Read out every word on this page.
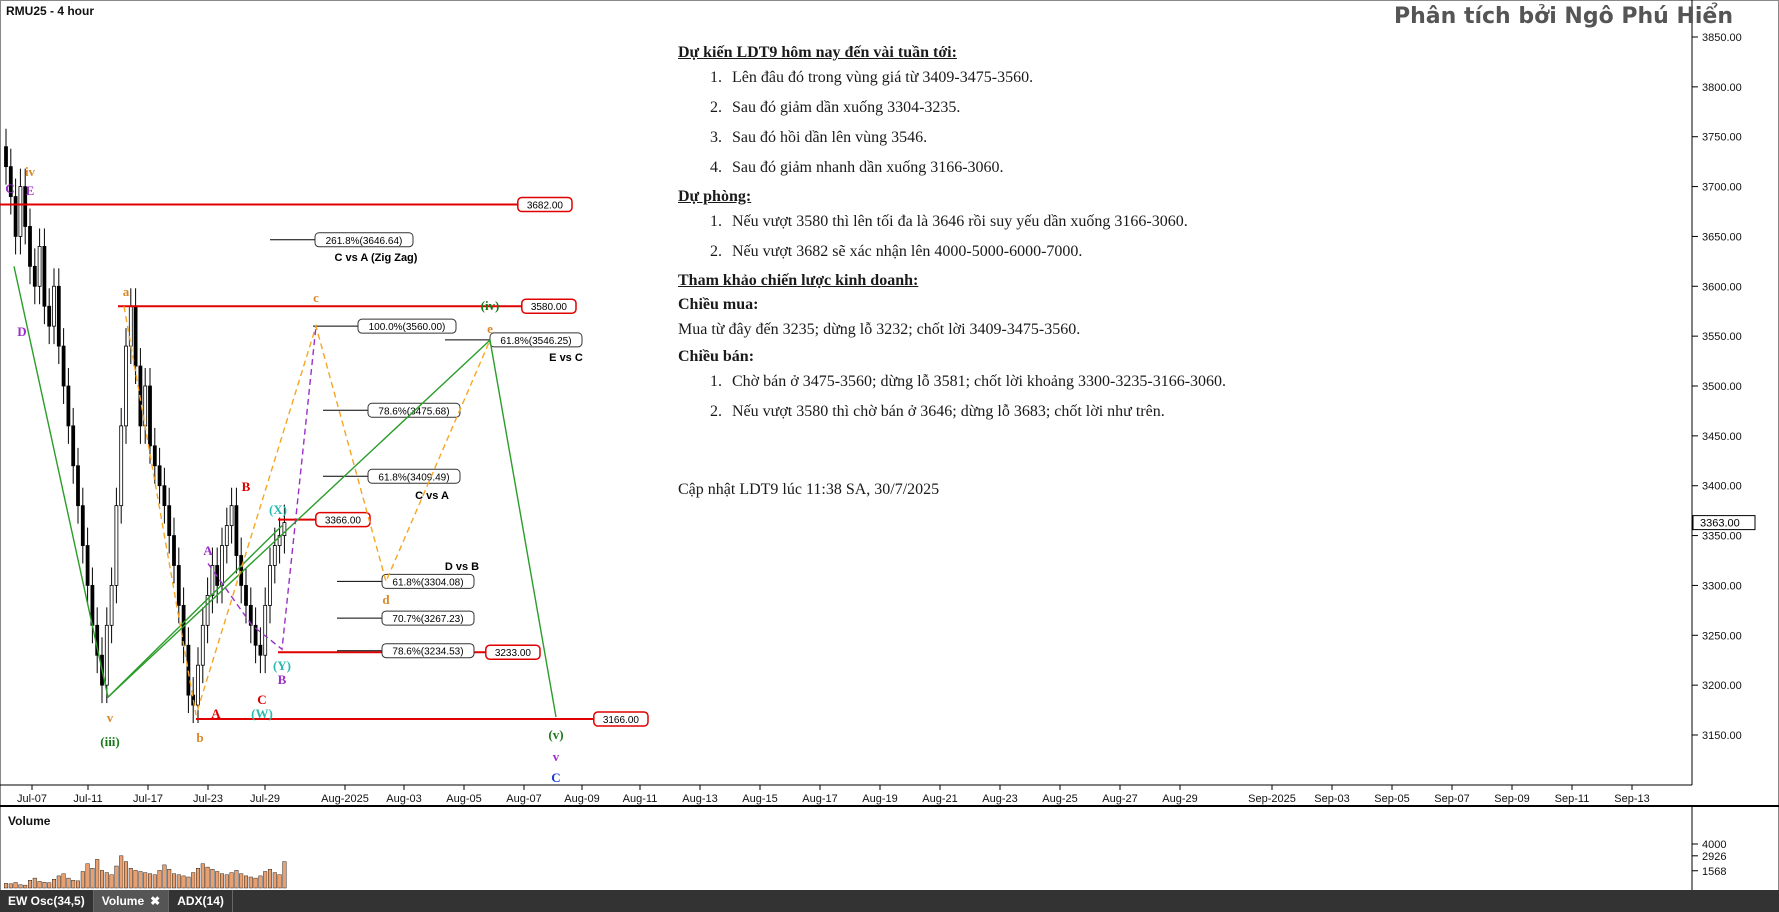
3150.00
3200.00
3250.00
3300.00
3350.00
3400.00
3450.00
3500.00
3550.00
3600.00
3650.00
3700.00
3750.00
3800.00
3850.00
3363.00
Jul-07 Jul-11	Jul-17	Jul-23 Jul-29	Aug-2025 Aug-03 Aug-05 Aug-07 Aug-09 Aug-11 Aug-13 Aug-15 Aug-17 Aug-19 Aug-21 Aug-23 Aug-25 Aug-27 Aug-29	Sep-2025 Sep-03 Sep-05 Sep-07 Sep-09 Sep-11 Sep-13
3682.00
3580.00
3366.00
3233.00
3166.00
261.8%(3646.64)
100.0%(3560.00)
78.6%(3475.68)
61.8%(3409.49)
61.8%(3546.25)
61.8%(3304.08)
70.7%(3267.23)
78.6%(3234.53)
C vs A (Zig Zag)
C vs A
D vs B
E vs C
iv
v
(iii)
a
b
c
d
e
(iv)
(v)
v
C
A
B
C
A
B
C
D
E
(X)
(Y)
(W)
4000
2926
1568
RMU25 - 4 hour	Phân tích bởi Ngô Phú Hiển
Dự kiến LDT9 hôm nay đến vài tuần tới:
1. Lên đâu đó trong vùng giá từ 3409-3475-3560.
2. Sau đó giảm dần xuống 3304-3235.
3. Sau đó hồi dần lên vùng 3546.
4. Sau đó giảm nhanh dần xuống 3166-3060.
Dự phòng:
1. Nếu vượt 3580 thì lên tối đa là 3646 rồi suy yếu dần xuống 3166-3060.
2. Nếu vượt 3682 sẽ xác nhận lên 4000-5000-6000-7000.
Tham khảo chiến lược kinh doanh:
Chiều mua:

Mua từ đây đến 3235; dừng lỗ 3232; chốt lời 3409-3475-3560.

Chiều bán:
1. Chờ bán ở 3475-3560; dừng lỗ 3581; chốt lời khoảng 3300-3235-3166-3060.
2. Nếu vượt 3580 thì chờ bán ở 3646; dừng lỗ 3683; chốt lời như trên.

Cập nhật LDT9 lúc 11:38 SA, 30/7/2025

Volume
EW Osc(34,5)	Volume ✖	ADX(14)
